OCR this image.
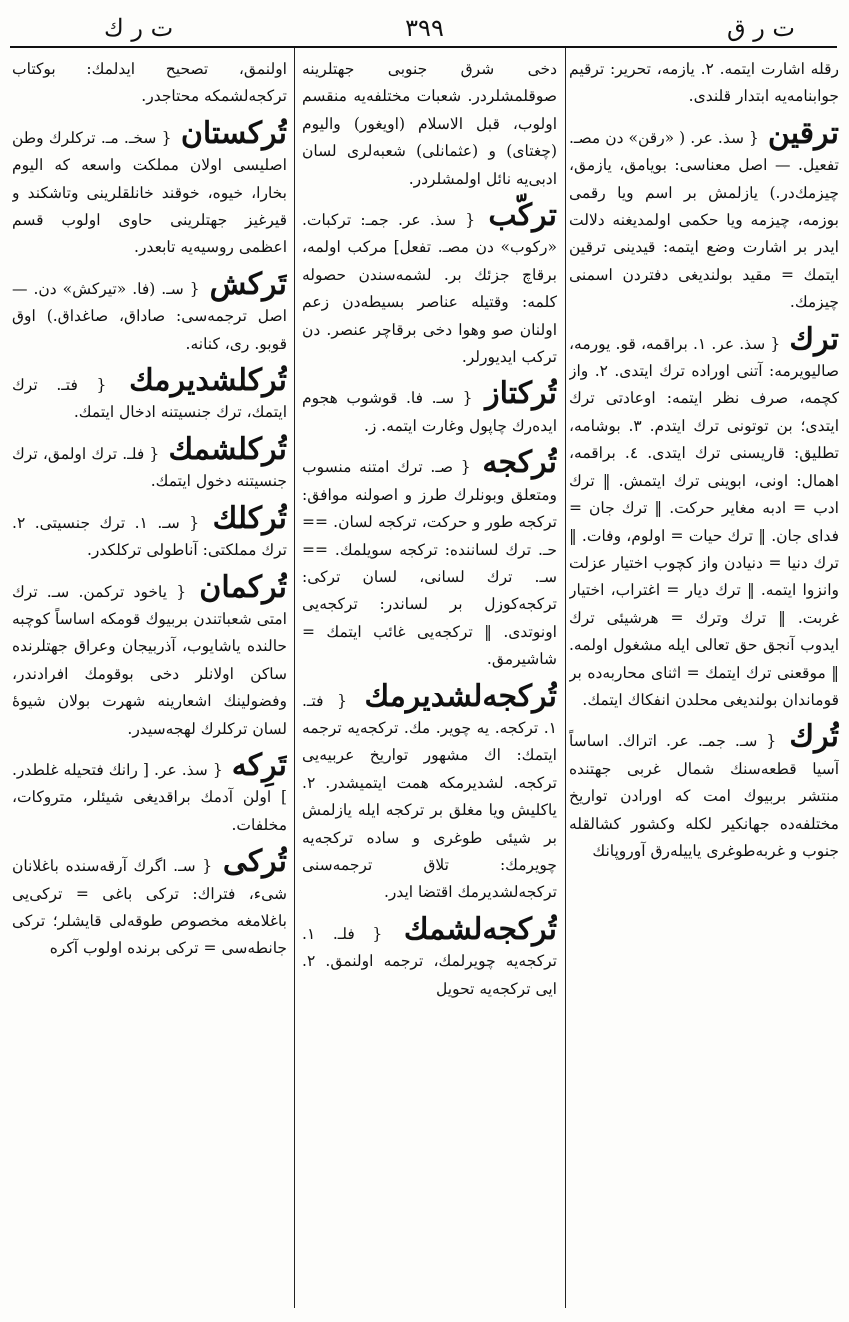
ت ر ق
۳۹۹
ت ر ك

رقله اشارت ایتمه. ۲. یازمه، تحریر: ترقیم جوابنامه‌یه ابتدار قلندی.

ترقین { سذ. عر. ( «رقن» دن مصـ. تفعیل. — اصل معناسی: بویامق، یازمق، چیز‌مك‌در.) یازلمش بر اسم ویا رقمی بوزمه، چیزمه ویا حکمی اولمدیغنه دلالت ایدر بر اشارت وضع ایتمه: قیدینی ترقین ایتمك = مقید بولندیغی دفتردن اسمنی چیزمك.

ترك { سذ. عر. ۱. براقمه، قو. یورمه، صالیویرمه: آتنی اوراده ترك ایتدی. ۲. واز کچمه، صرف نظر ایتمه: اوعادتی ترك ایتدی؛ بن توتونی ترك ایتدم. ۳. بوشامه، تطلیق: قاریسنی ترك ایتدی. ٤. براقمه، اهمال: اونی، ابوینی ترك ایتمش. ‖ ترك ادب = ادبه مغایر حرکت. ‖ ترك جان = فدای جان. ‖ ترك حیات = اولوم، وفات. ‖ ترك دنیا = دنیادن واز کچوب اختیار عزلت وانزوا ایتمه. ‖ ترك دیار = اغتراب، اختیار غربت. ‖ ترك وترك = هرشیئی ترك ایدوب آنجق حق تعالی ایله مشغول اولمه. ‖ موقعنی ترك ایتمك = اثنای محاربه‌ده بر قوماندان بولندیغی محلدن انفکاك ایتمك.

تُرك { سـ. جمـ. عر. اتراك. اساساً آسیا قطعه‌سنك شمال غربی جهتنده منتشر بربیوك امت که اورادن تواریخ مختلفه‌ده جهانکیر لکله وکشور کشالقله جنوب و غربه‌طوغری یاییله‌رق آوروپانك

دخی شرق جنوبی جهتلرینه صوقلمشلردر. شعبات مختلفه‌یه منقسم اولوب، قبل الاسلام (اویغور) والیوم (چغتای) و (عثمانلی) شعبه‌لری لسان ادبی‌یه نائل اولمشلردر.

ترکّب { سذ. عر. جمـ: ترکبات. «رکوب» دن مصـ. تفعل] مرکب اولمه، برقاچ جزئك بر. لشمه‌سندن حصوله کلمه: وقتیله عناصر بسیطه‌دن زعم اولنان صو وهوا دخی برقاچر عنصر. دن ترکب ایدیورلر.

تُرکتاز { سـ. فا. قوشوب هجوم ایده‌رك چاپول وغارت ایتمه. ز.

تُرکجه { صـ. ترك امتنه منسوب ومتعلق وبونلرك طرز و اصولنه موافق: ترکجه طور و حرکت، ترکجه لسان. == حـ. ترك لساننده: ترکجه سویلمك. == سـ. ترك لسانی، لسان ترکی: ترکجه‌کوزل بر لساندر: ترکجه‌یی اونوتدی. ‖ ترکجه‌یی غائب ایتمك = شاشیرمق.

تُرکجه‌لشدیرمك { فتـ. ۱. ترکجه. یه چویر. مك. ترکجه‌یه ترجمه ایتمك: اك مشهور تواریخ عربیه‌یی ترکجه. لشدیرمکه همت ایتمیشدر. ۲. یاکلیش ویا مغلق بر ترکجه ایله یازلمش بر شیئی طوغری و ساده ترکجه‌یه چویرمك: تلاق ترجمه‌سنی ترکجه‌لشدیرمك اقتضا ایدر.

تُرکجه‌لشمك { فلـ. ۱. ترکجه‌یه چویرلمك، ترجمه اولنمق. ۲. ایی ترکجه‌یه تحویل

اولنمق، تصحیح ایدلمك: بوکتاب ترکجه‌لشمکه محتاجدر.

تُرکستان { سخـ. مـ. ترکلرك وطن اصلیسی اولان مملکت واسعه که الیوم بخارا، خیوه، خوقند خانلقلرینی وتاشکند و قیرغیز جهتلرینی حاوی اولوب قسم اعظمی روسیه‌یه تابعدر.

تَرکش { سـ. (فا. «تیرکش» دن. — اصل ترجمه‌سی: صاداق، صاغداق.) اوق قوبو. ری، کنانه.

تُرکلشدیرمك { فتـ. ترك ایتمك، ترك جنسیتنه ادخال ایتمك.

تُرکلشمك { فلـ. ترك اولمق، ترك جنسیتنه دخول ایتمك.

تُرکلك { سـ. ۱. ترك جنسیتی. ۲. ترك مملکتی: آناطولی ترکلکدر.

تُرکمان { یاخود ترکمن. سـ. ترك امتی شعباتندن بربیوك قومکه اساساً کوچبه حالنده یاشایوب، آذربیجان وعراق جهتلرنده ساکن اولانلر دخی بوقومك افرادندر، وفضولینك اشعارینه شهرت بولان شیوهٔ لسان ترکلرك لهجه‌سیدر.

تَرِکه { سذ. عر. [ رانك فتحیله غلطدر. ] اولن آدمك براقدیغی شیئلر، متروکات، مخلفات.

تُرکی { سـ. اگرك آرقه‌سنده باغلانان شیء، فتراك: ترکی باغی = ترکی‌یی باغلامغه مخصوص طوقه‌لی قایشلر؛ ترکی جانطه‌سی = ترکی برنده اولوب آکره
